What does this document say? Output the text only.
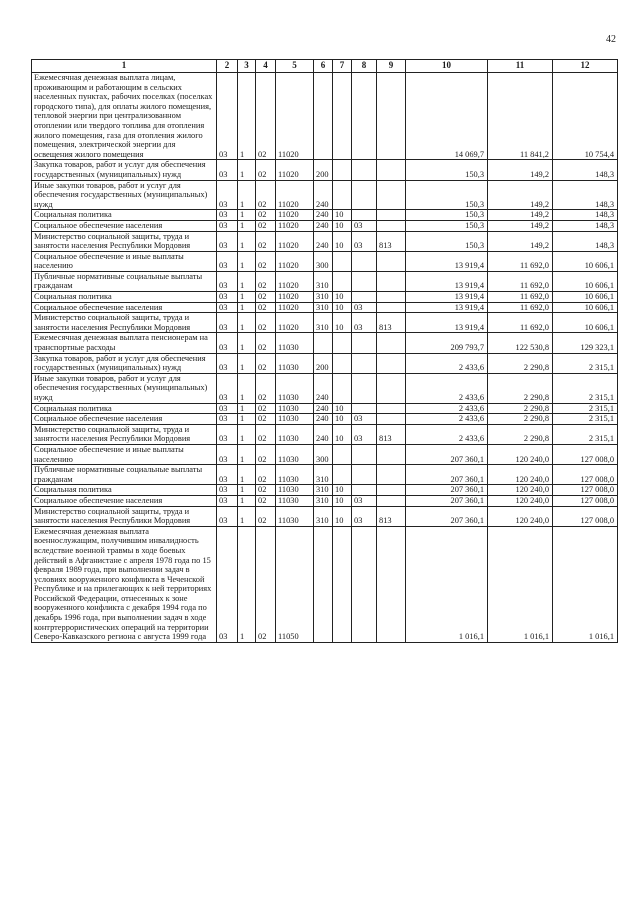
42
1	2	3	4	5	6	7	8	9	10	11	12
Ежемесячная денежная выплата лицам, проживающим и работающим в сельских населенных пунктах, рабочих поселках (поселках городского типа), для оплаты жилого помещения, тепловой энергии при централизованном отоплении или твердого топлива для отопления жилого помещения, газа для отопления жилого помещения, электрической энергии для освещения жилого помещения	03	1	02	11020					14 069,7	11 841,2	10 754,4
Закупка товаров, работ и услуг для обеспечения государственных (муниципальных) нужд	03	1	02	11020	200				150,3	149,2	148,3
Иные закупки товаров, работ и услуг для обеспечения государственных (муниципальных) нужд	03	1	02	11020	240				150,3	149,2	148,3
Социальная политика	03	1	02	11020	240	10			150,3	149,2	148,3
Социальное обеспечение населения	03	1	02	11020	240	10	03		150,3	149,2	148,3
Министерство социальной защиты, труда и занятости населения Республики Мордовия	03	1	02	11020	240	10	03	813	150,3	149,2	148,3
Социальное обеспечение и иные выплаты населению	03	1	02	11020	300				13 919,4	11 692,0	10 606,1
Публичные нормативные социальные выплаты гражданам	03	1	02	11020	310				13 919,4	11 692,0	10 606,1
Социальная политика	03	1	02	11020	310	10			13 919,4	11 692,0	10 606,1
Социальное обеспечение населения	03	1	02	11020	310	10	03		13 919,4	11 692,0	10 606,1
Министерство социальной защиты, труда и занятости населения Республики Мордовия	03	1	02	11020	310	10	03	813	13 919,4	11 692,0	10 606,1
Ежемесячная денежная выплата пенсионерам на транспортные расходы	03	1	02	11030					209 793,7	122 530,8	129 323,1
Закупка товаров, работ и услуг для обеспечения государственных (муниципальных) нужд	03	1	02	11030	200				2 433,6	2 290,8	2 315,1
Иные закупки товаров, работ и услуг для обеспечения государственных (муниципальных) нужд	03	1	02	11030	240				2 433,6	2 290,8	2 315,1
Социальная политика	03	1	02	11030	240	10			2 433,6	2 290,8	2 315,1
Социальное обеспечение населения	03	1	02	11030	240	10	03		2 433,6	2 290,8	2 315,1
Министерство социальной защиты, труда и занятости населения Республики Мордовия	03	1	02	11030	240	10	03	813	2 433,6	2 290,8	2 315,1
Социальное обеспечение и иные выплаты населению	03	1	02	11030	300				207 360,1	120 240,0	127 008,0
Публичные нормативные социальные выплаты гражданам	03	1	02	11030	310				207 360,1	120 240,0	127 008,0
Социальная политика	03	1	02	11030	310	10			207 360,1	120 240,0	127 008,0
Социальное обеспечение населения	03	1	02	11030	310	10	03		207 360,1	120 240,0	127 008,0
Министерство социальной защиты, труда и занятости населения Республики Мордовия	03	1	02	11030	310	10	03	813	207 360,1	120 240,0	127 008,0
Ежемесячная денежная выплата военнослужащим, получившим инвалидность вследствие военной травмы в ходе боевых действий в Афганистане с апреля 1978 года по 15 февраля 1989 года, при выполнении задач в условиях вооруженного конфликта в Чеченской Республике и на прилегающих к ней территориях Российской Федерации, отнесенных к зоне вооруженного конфликта с декабря 1994 года по декабрь 1996 года, при выполнении задач в ходе контртеррористических операций на территории Северо-Кавказского региона с августа 1999 года	03	1	02	11050					1 016,1	1 016,1	1 016,1
